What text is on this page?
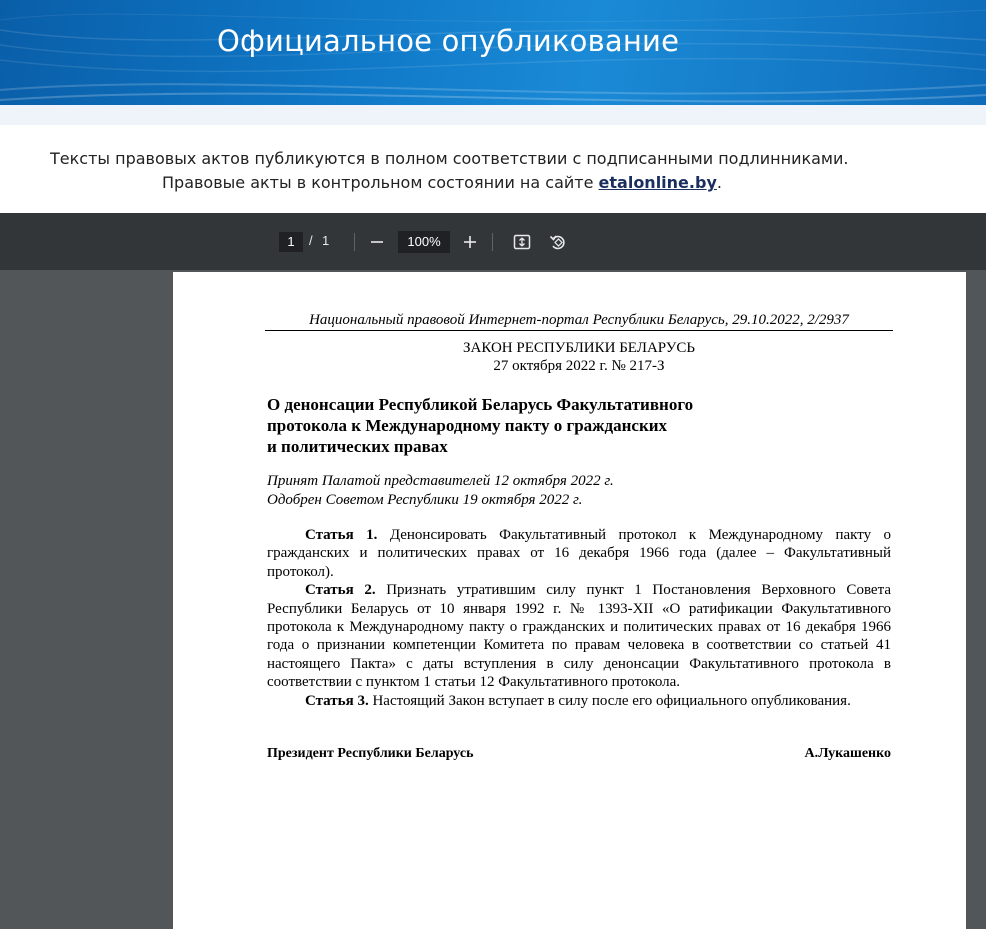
Официальное опубликование
Тексты правовых актов публикуются в полном соответствии с подписанными подлинниками.
Правовые акты в контрольном состоянии на сайте etalonline.by.
1	/ 1	100%
Национальный правовой Интернет-портал Республики Беларусь, 29.10.2022, 2/2937
ЗАКОН РЕСПУБЛИКИ БЕЛАРУСЬ
27 октября 2022 г. № 217-З
О денонсации Республикой Беларусь Факультативного
протокола к Международному пакту о гражданских
и политических правах
Принят Палатой представителей 12 октября 2022 г.
Одобрен Советом Республики 19 октября 2022 г.

Статья 1. Денонсировать Факультативный протокол к Международному пакту о гражданских и политических правах от 16 декабря 1966 года (далее – Факультативный протокол).

Статья 2. Признать утратившим силу пункт 1 Постановления Верховного Совета Республики Беларусь от 10 января 1992 г. № 1393-XII «О ратификации Факультативного протокола к Международному пакту о гражданских и политических правах от 16 декабря 1966 года о признании компетенции Комитета по правам человека в соответствии со статьей 41 настоящего Пакта» с даты вступления в силу денонсации Факультативного протокола в соответствии с пунктом 1 статьи 12 Факультативного протокола.

Статья 3. Настоящий Закон вступает в силу после его официального опубликования.

Президент Республики Беларусь	А.Лукашенко
